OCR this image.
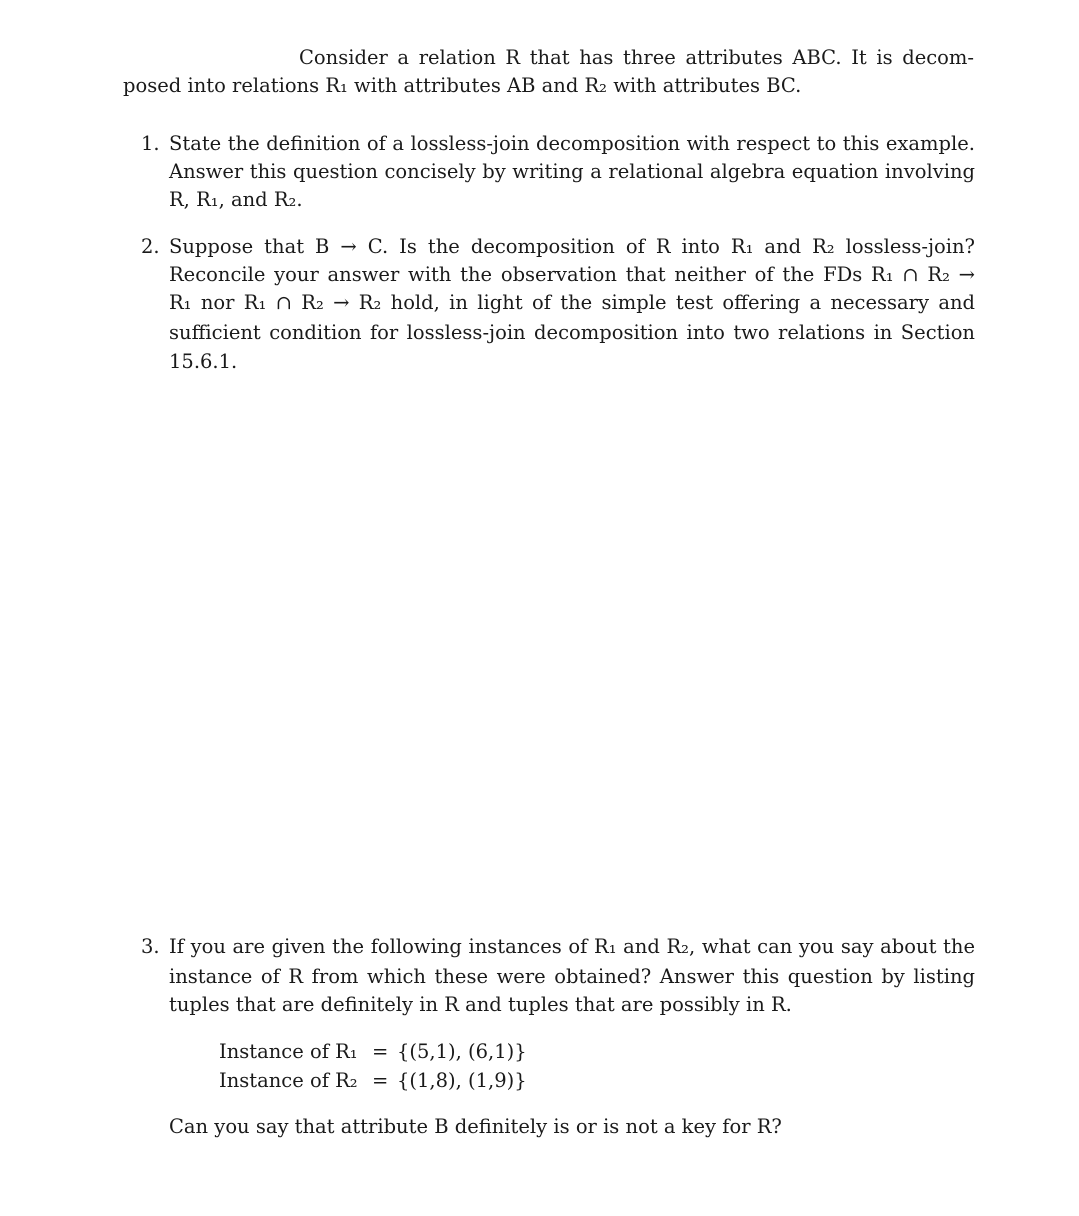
Consider a relation R that has three attributes ABC. It is decom-
posed into relations R₁ with attributes AB and R₂ with attributes BC.
1. State the definition of a lossless-join decomposition with respect to this example.
Answer this question concisely by writing a relational algebra equation involving
R, R₁, and R₂.
2. Suppose that B → C. Is the decomposition of R into R₁ and R₂ lossless-join?
Reconcile your answer with the observation that neither of the FDs R₁ ∩ R₂ →
R₁ nor R₁ ∩ R₂ → R₂ hold, in light of the simple test offering a necessary and
sufficient condition for lossless-join decomposition into two relations in Section
15.6.1.
3. If you are given the following instances of R₁ and R₂, what can you say about the
instance of R from which these were obtained? Answer this question by listing
tuples that are definitely in R and tuples that are possibly in R.
Instance of R₁ = {(5,1), (6,1)}
Instance of R₂ = {(1,8), (1,9)}
Can you say that attribute B definitely is or is not a key for R?
